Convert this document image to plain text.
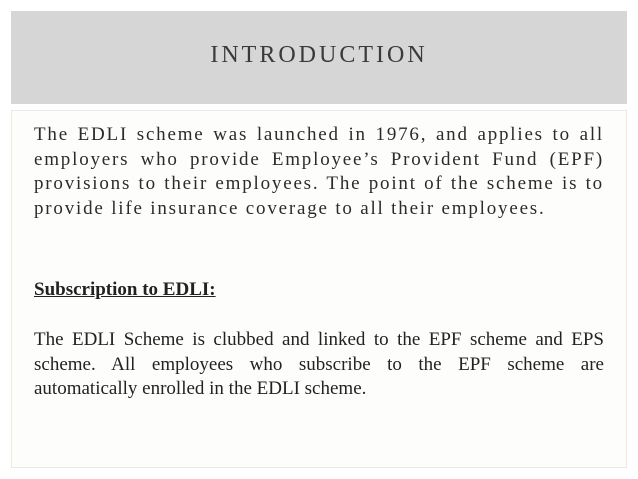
INTRODUCTION

The EDLI scheme was launched in 1976, and applies to all employers who provide Employee’s Provident Fund (EPF) provisions to their employees. The point of the scheme is to provide life insurance coverage to all their employees.

Subscription to EDLI:

The EDLI Scheme is clubbed and linked to the EPF scheme and EPS scheme. All employees who subscribe to the EPF scheme are automatically enrolled in the EDLI scheme.
